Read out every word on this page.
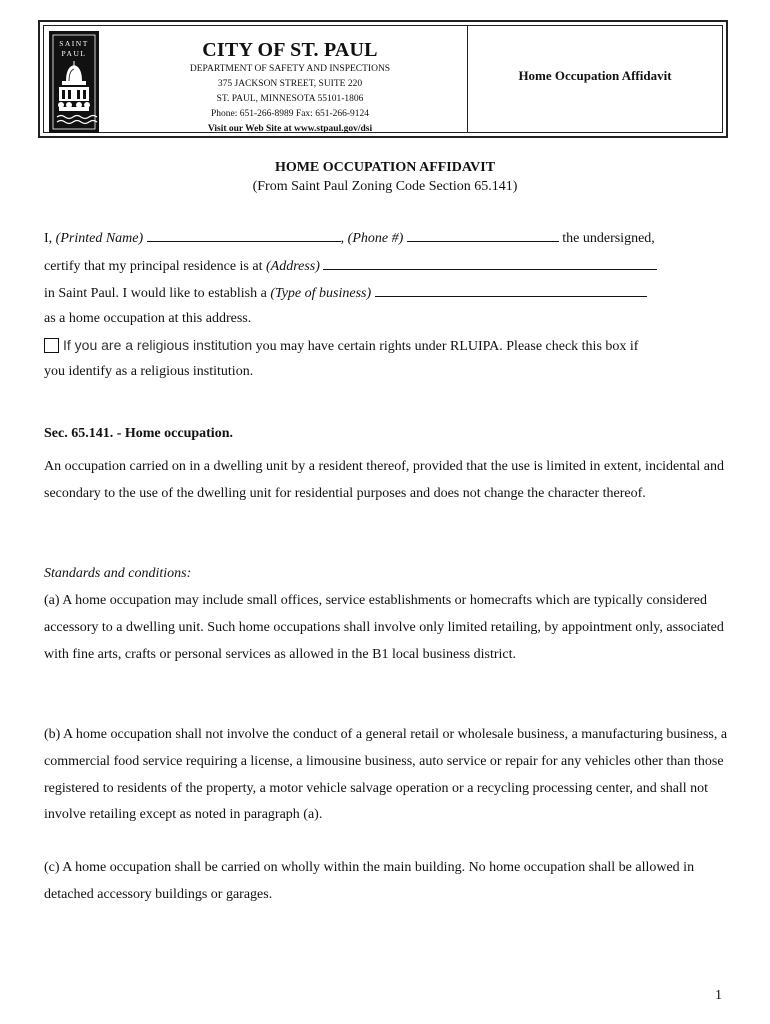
SAINT
PAUL	CITY OF ST. PAUL
DEPARTMENT OF SAFETY AND INSPECTIONS
375 JACKSON STREET, SUITE 220
ST. PAUL, MINNESOTA 55101-1806
Phone: 651-266-8989 Fax: 651-266-9124
Visit our Web Site at www.stpaul.gov/dsi
Home Occupation Affidavit
HOME OCCUPATION AFFIDAVIT
(From Saint Paul Zoning Code Section 65.141)
I, (Printed Name)	, (Phone #)	the undersigned,
certify that my principal residence is at (Address)
in Saint Paul. I would like to establish a (Type of business)
as a home occupation at this address.
If you are a religious institution you may have certain rights under RLUIPA. Please check this box if
you identify as a religious institution.
Sec. 65.141. - Home occupation.
An occupation carried on in a dwelling unit by a resident thereof, provided that the use is limited in extent, incidental and secondary to the use of the dwelling unit for residential purposes and does not change the character thereof.
Standards and conditions:
(a) A home occupation may include small offices, service establishments or homecrafts which are typically considered accessory to a dwelling unit. Such home occupations shall involve only limited retailing, by appointment only, associated with fine arts, crafts or personal services as allowed in the B1 local business district.
(b) A home occupation shall not involve the conduct of a general retail or wholesale business, a manufacturing business, a commercial food service requiring a license, a limousine business, auto service or repair for any vehicles other than those registered to residents of the property, a motor vehicle salvage operation or a recycling processing center, and shall not involve retailing except as noted in paragraph (a).
(c) A home occupation shall be carried on wholly within the main building. No home occupation shall be allowed in detached accessory buildings or garages.
1
